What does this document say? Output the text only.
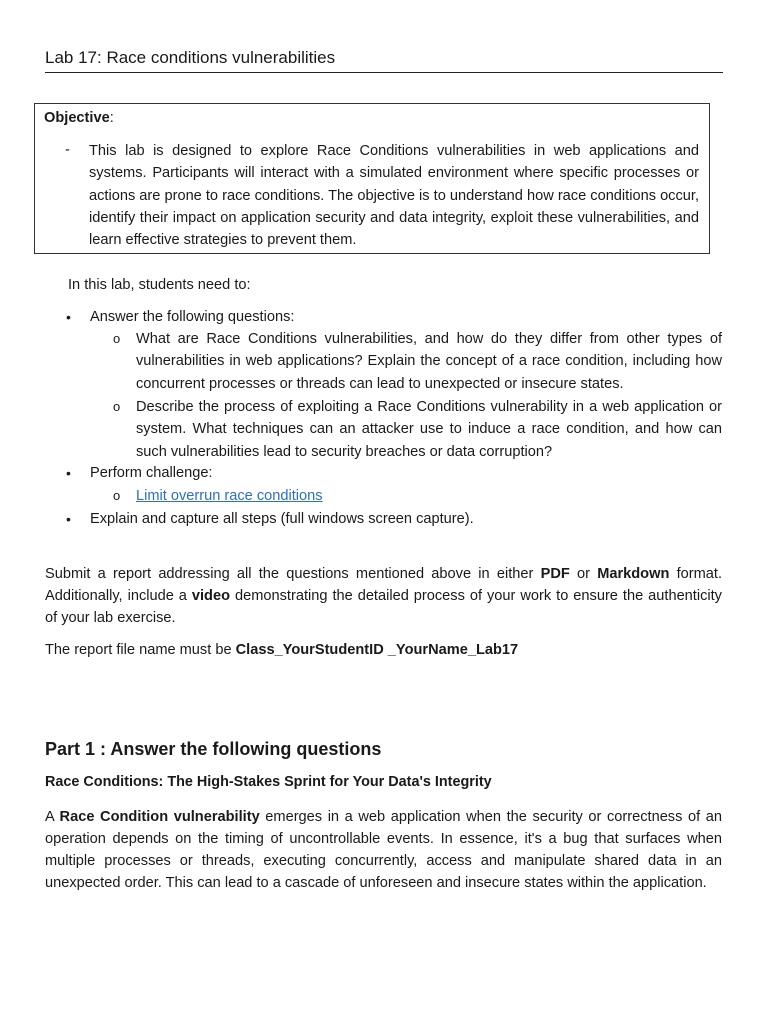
Lab 17: Race conditions vulnerabilities
Objective:
- This lab is designed to explore Race Conditions vulnerabilities in web applications and systems. Participants will interact with a simulated environment where specific processes or actions are prone to race conditions. The objective is to understand how race conditions occur, identify their impact on application security and data integrity, exploit these vulnerabilities, and learn effective strategies to prevent them.
In this lab, students need to:
• Answer the following questions:
o What are Race Conditions vulnerabilities, and how do they differ from other types of vulnerabilities in web applications? Explain the concept of a race condition, including how concurrent processes or threads can lead to unexpected or insecure states.
o Describe the process of exploiting a Race Conditions vulnerability in a web application or system. What techniques can an attacker use to induce a race condition, and how can such vulnerabilities lead to security breaches or data corruption?
• Perform challenge:
o Limit overrun race conditions
• Explain and capture all steps (full windows screen capture).
Submit a report addressing all the questions mentioned above in either PDF or Markdown format. Additionally, include a video demonstrating the detailed process of your work to ensure the authenticity of your lab exercise.
The report file name must be Class_YourStudentID _YourName_Lab17
Part 1 : Answer the following questions
Race Conditions: The High-Stakes Sprint for Your Data's Integrity
A Race Condition vulnerability emerges in a web application when the security or correctness of an operation depends on the timing of uncontrollable events. In essence, it's a bug that surfaces when multiple processes or threads, executing concurrently, access and manipulate shared data in an unexpected order. This can lead to a cascade of unforeseen and insecure states within the application.
